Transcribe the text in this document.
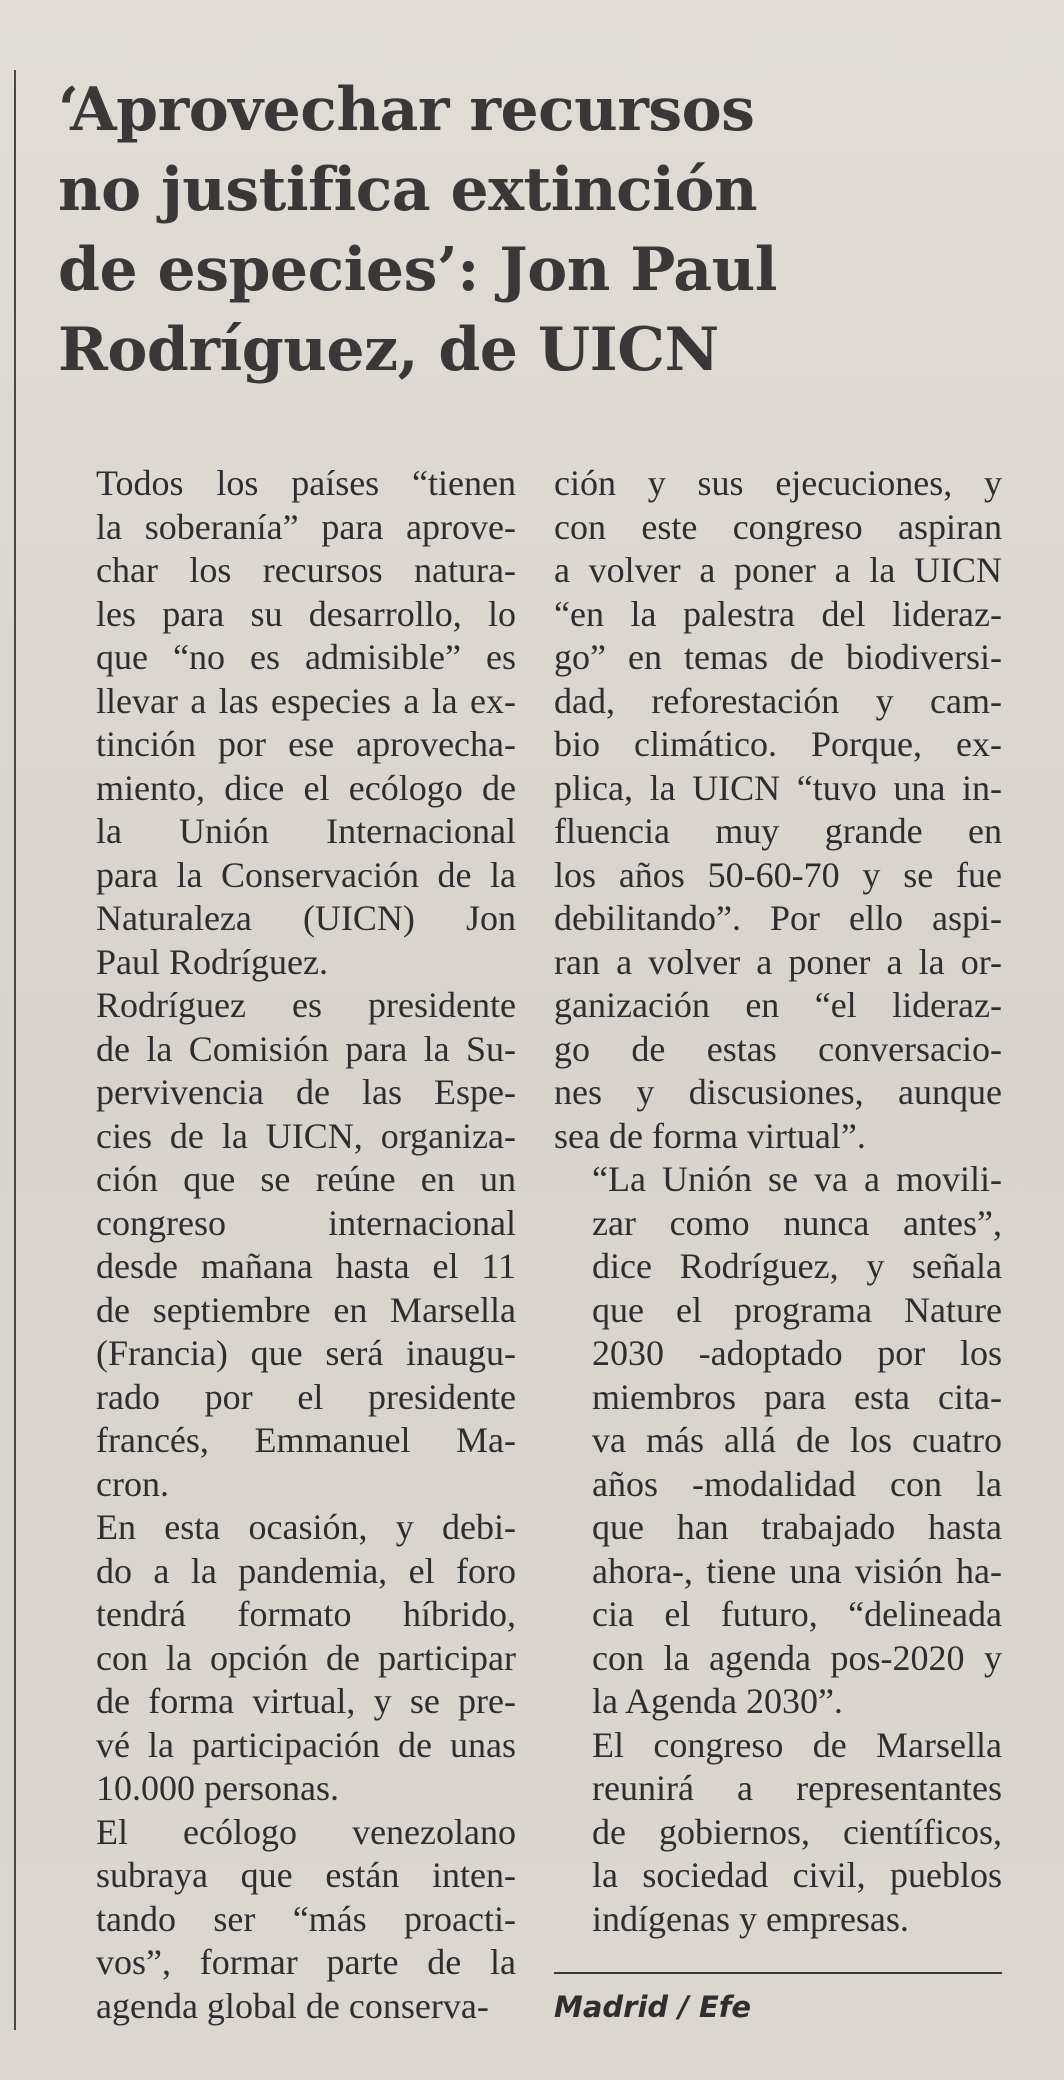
‘Aprovechar recursos
no justifica extinción
de especies’: Jon Paul
Rodríguez, de UICN

Todos los países “tienen
la soberanía” para aprove-
char los recursos natura-
les para su desarrollo, lo
que “no es admisible” es
llevar a las especies a la ex-
tinción por ese aprovecha-
miento, dice el ecólogo de
la Unión Internacional
para la Conservación de la
Naturaleza (UICN) Jon
Paul Rodríguez.

Rodríguez es presidente
de la Comisión para la Su-
pervivencia de las Espe-
cies de la UICN, organiza-
ción que se reúne en un
congreso internacional
desde mañana hasta el 11
de septiembre en Marsella
(Francia) que será inaugu-
rado por el presidente
francés, Emmanuel Ma-
cron.

En esta ocasión, y debi-
do a la pandemia, el foro
tendrá formato híbrido,
con la opción de participar
de forma virtual, y se pre-
vé la participación de unas
10.000 personas.

El ecólogo venezolano
subraya que están inten-
tando ser “más proacti-
vos”, formar parte de la
agenda global de conserva-

ción y sus ejecuciones, y
con este congreso aspiran
a volver a poner a la UICN
“en la palestra del lideraz-
go” en temas de biodiversi-
dad, reforestación y cam-
bio climático. Porque, ex-
plica, la UICN “tuvo una in-
fluencia muy grande en
los años 50-60-70 y se fue
debilitando”. Por ello aspi-
ran a volver a poner a la or-
ganización en “el lideraz-
go de estas conversacio-
nes y discusiones, aunque
sea de forma virtual”.

“La Unión se va a movili-
zar como nunca antes”,
dice Rodríguez, y señala
que el programa Nature
2030 -adoptado por los
miembros para esta cita-
va más allá de los cuatro
años -modalidad con la
que han trabajado hasta
ahora-, tiene una visión ha-
cia el futuro, “delineada
con la agenda pos-2020 y
la Agenda 2030”.

El congreso de Marsella
reunirá a representantes
de gobiernos, científicos,
la sociedad civil, pueblos
indígenas y empresas.

Madrid / Efe
